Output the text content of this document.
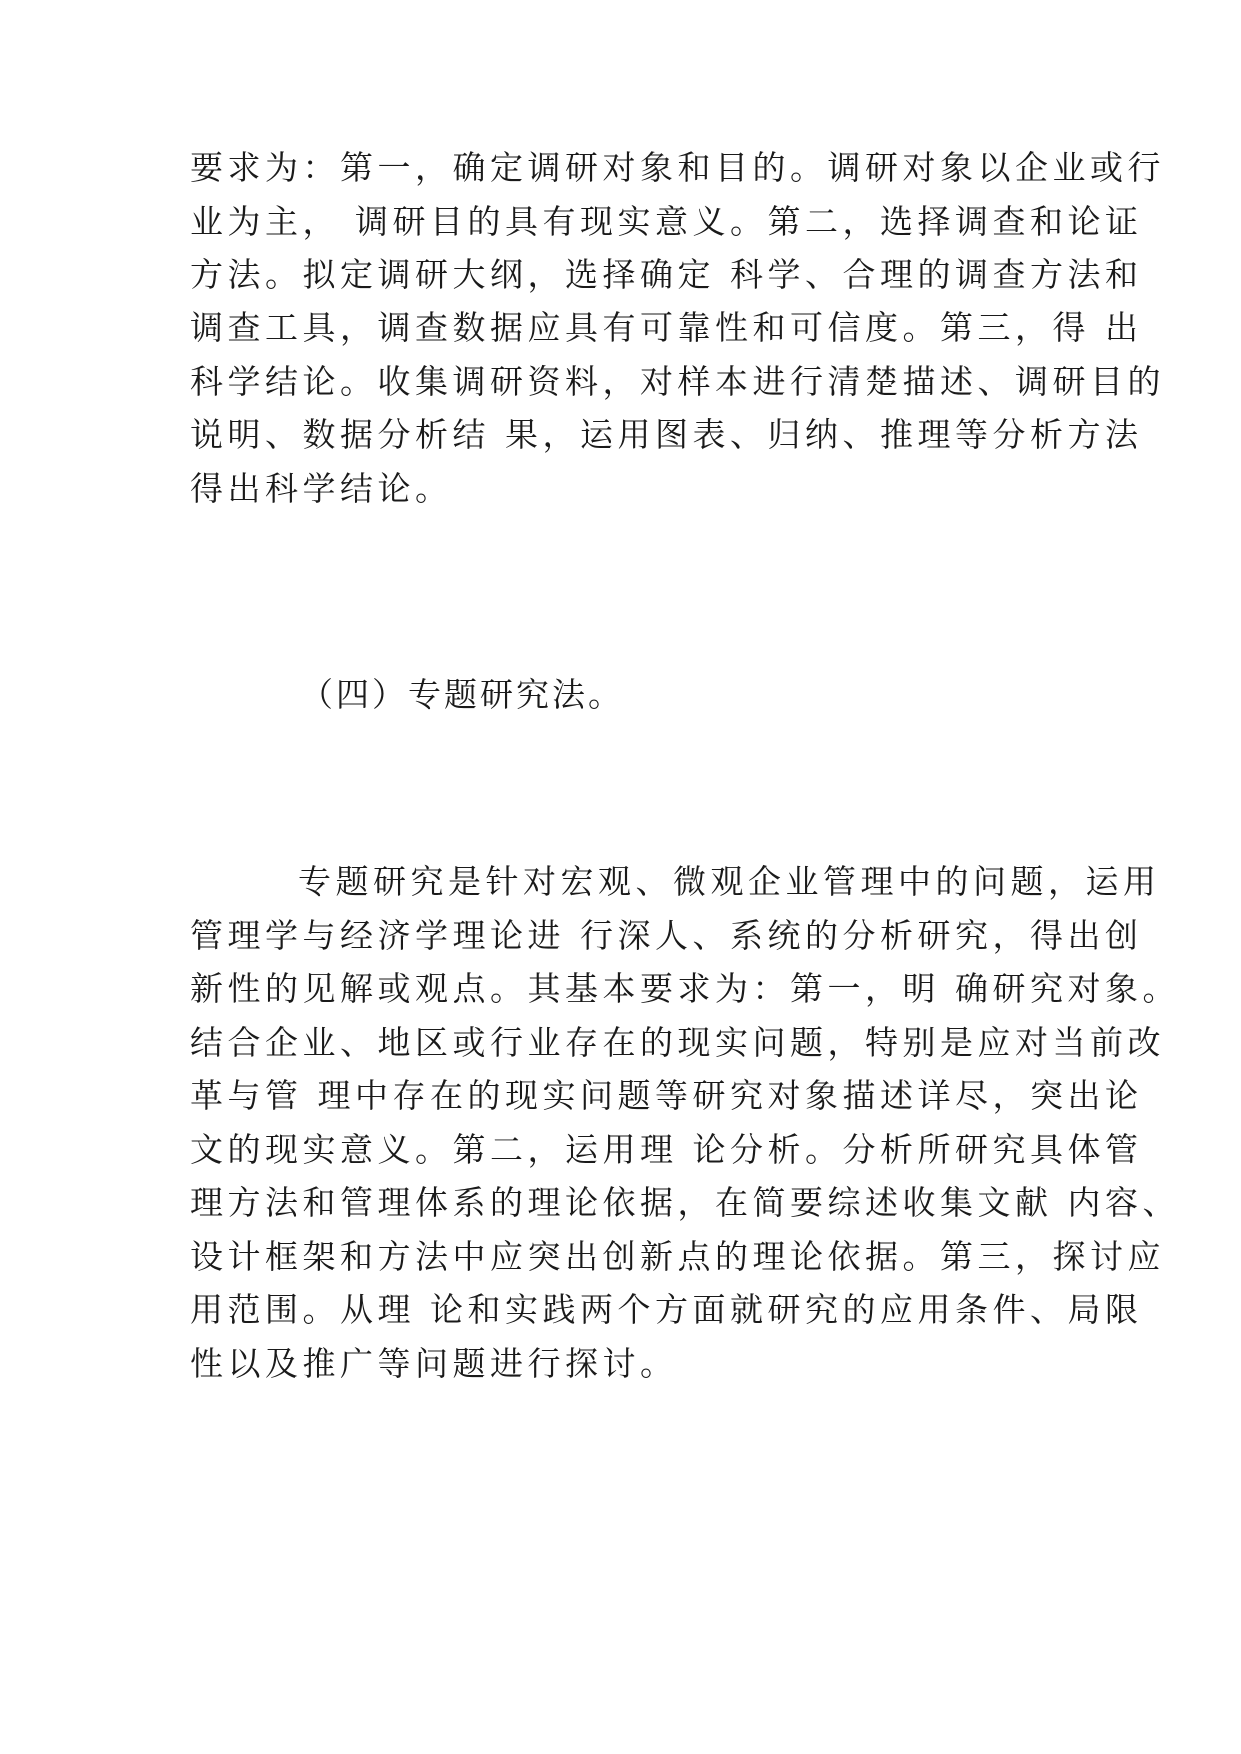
要求为：第一，确定调研对象和目的。调研对象以企业或行
业为主， 调研目的具有现实意义。第二，选择调查和论证
方法。拟定调研大纲，选择确定 科学、合理的调查方法和
调查工具，调查数据应具有可靠性和可信度。第三，得 出
科学结论。收集调研资料，对样本进行清楚描述、调研目的
说明、数据分析结 果，运用图表、归纳、推理等分析方法
得出科学结论。
（四）专题研究法。
专题研究是针对宏观、微观企业管理中的问题，运用
管理学与经济学理论进 行深人、系统的分析研究，得出创
新性的见解或观点。其基本要求为：第一，明 确研究对象。
结合企业、地区或行业存在的现实问题，特别是应对当前改
革与管 理中存在的现实问题等研究对象描述详尽，突出论
文的现实意义。第二，运用理 论分析。分析所研究具体管
理方法和管理体系的理论依据，在简要综述收集文献 内容、
设计框架和方法中应突出创新点的理论依据。第三，探讨应
用范围。从理 论和实践两个方面就研究的应用条件、局限
性以及推广等问题进行探讨。
